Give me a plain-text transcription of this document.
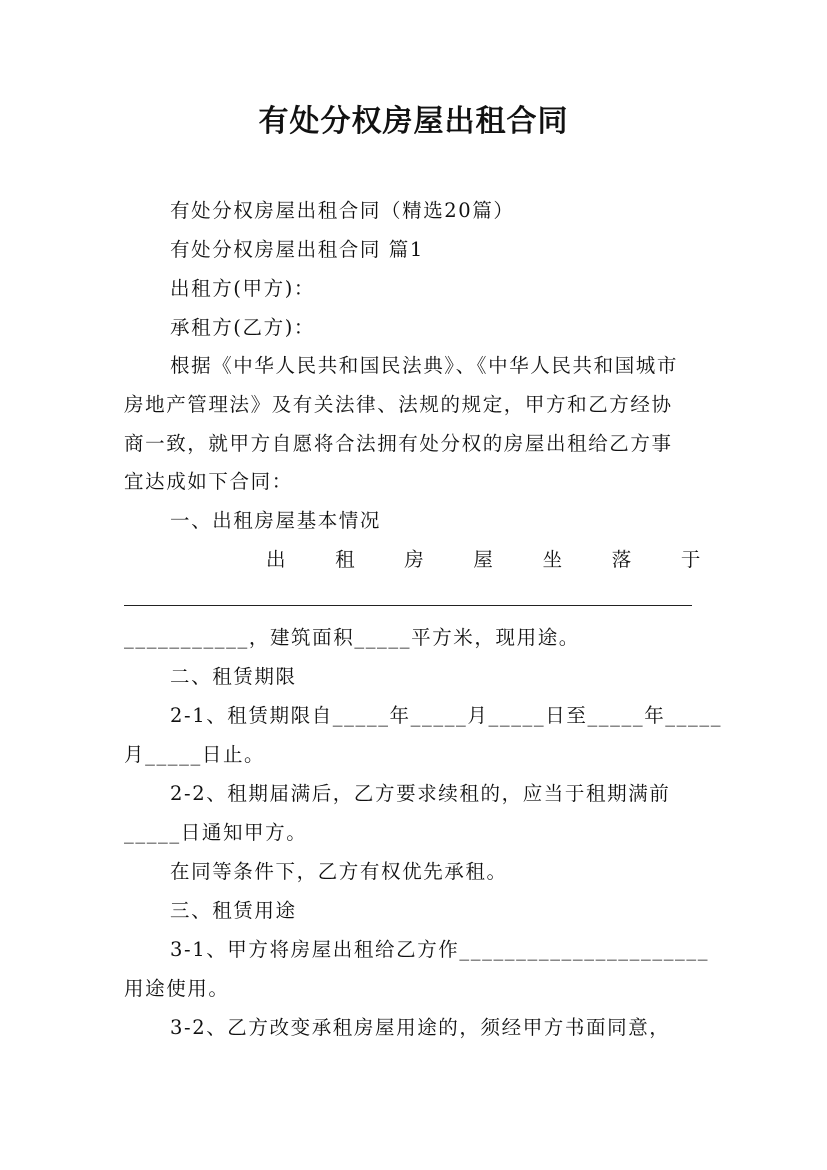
有处分权房屋出租合同
有处分权房屋出租合同（精选20篇）
有处分权房屋出租合同 篇1
出租方(甲方)：
承租方(乙方)：
根据《中华人民共和国民法典》、《中华人民共和国城市
房地产管理法》及有关法律、法规的规定，甲方和乙方经协
商一致，就甲方自愿将合法拥有处分权的房屋出租给乙方事
宜达成如下合同：
一、出租房屋基本情况
出 租 房 屋 坐 落 于
___________，建筑面积_____平方米，现用途。
二、租赁期限
2-1、租赁期限自_____年_____月_____日至_____年_____
月_____日止。
2-2、租期届满后，乙方要求续租的，应当于租期满前
_____日通知甲方。
在同等条件下，乙方有权优先承租。
三、租赁用途
3-1、甲方将房屋出租给乙方作______________________
用途使用。
3-2、乙方改变承租房屋用途的，须经甲方书面同意，
